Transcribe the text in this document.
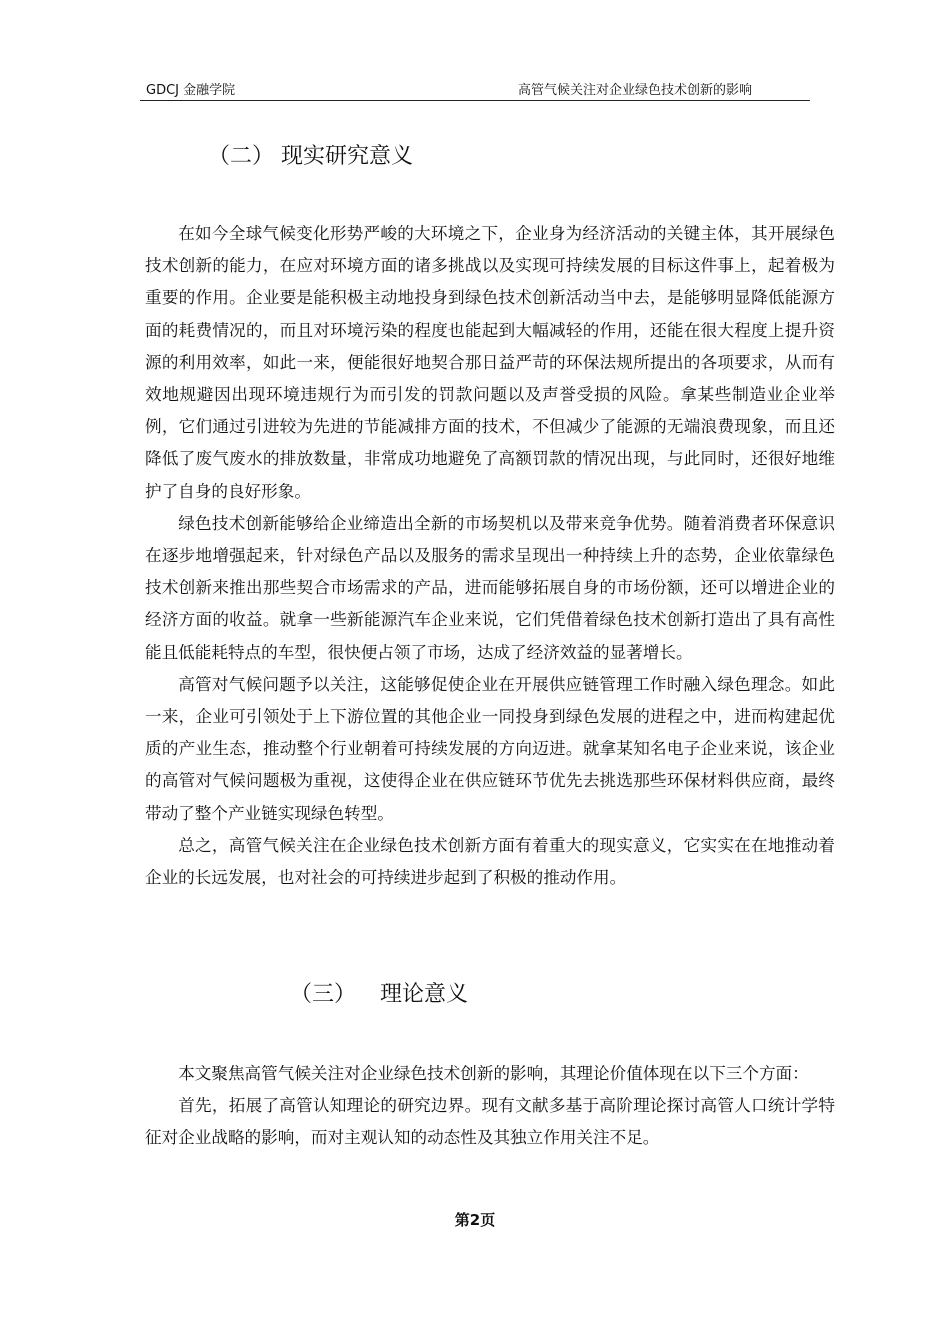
GDCJ 金融学院	高管气候关注对企业绿色技术创新的影响
（二） 现实研究意义

在如今全球气候变化形势严峻的大环境之下，企业身为经济活动的关键主体，其开展绿色技术创新的能力，在应对环境方面的诸多挑战以及实现可持续发展的目标这件事上，起着极为重要的作用。企业要是能积极主动地投身到绿色技术创新活动当中去，是能够明显降低能源方面的耗费情况的，而且对环境污染的程度也能起到大幅减轻的作用，还能在很大程度上提升资源的利用效率，如此一来，便能很好地契合那日益严苛的环保法规所提出的各项要求，从而有效地规避因出现环境违规行为而引发的罚款问题以及声誉受损的风险。拿某些制造业企业举例，它们通过引进较为先进的节能减排方面的技术，不但减少了能源的无端浪费现象，而且还降低了废气废水的排放数量，非常成功地避免了高额罚款的情况出现，与此同时，还很好地维护了自身的良好形象。

绿色技术创新能够给企业缔造出全新的市场契机以及带来竞争优势。随着消费者环保意识在逐步地增强起来，针对绿色产品以及服务的需求呈现出一种持续上升的态势，企业依靠绿色技术创新来推出那些契合市场需求的产品，进而能够拓展自身的市场份额，还可以增进企业的经济方面的收益。就拿一些新能源汽车企业来说，它们凭借着绿色技术创新打造出了具有高性能且低能耗特点的车型，很快便占领了市场，达成了经济效益的显著增长。

高管对气候问题予以关注，这能够促使企业在开展供应链管理工作时融入绿色理念。如此一来，企业可引领处于上下游位置的其他企业一同投身到绿色发展的进程之中，进而构建起优质的产业生态，推动整个行业朝着可持续发展的方向迈进。就拿某知名电子企业来说，该企业的高管对气候问题极为重视，这使得企业在供应链环节优先去挑选那些环保材料供应商，最终带动了整个产业链实现绿色转型。

总之，高管气候关注在企业绿色技术创新方面有着重大的现实意义，它实实在在地推动着企业的长远发展，也对社会的可持续进步起到了积极的推动作用。

（三） 理论意义

本文聚焦高管气候关注对企业绿色技术创新的影响，其理论价值体现在以下三个方面：

首先，拓展了高管认知理论的研究边界。现有文献多基于高阶理论探讨高管人口统计学特征对企业战略的影响，而对主观认知的动态性及其独立作用关注不足。

第2页
